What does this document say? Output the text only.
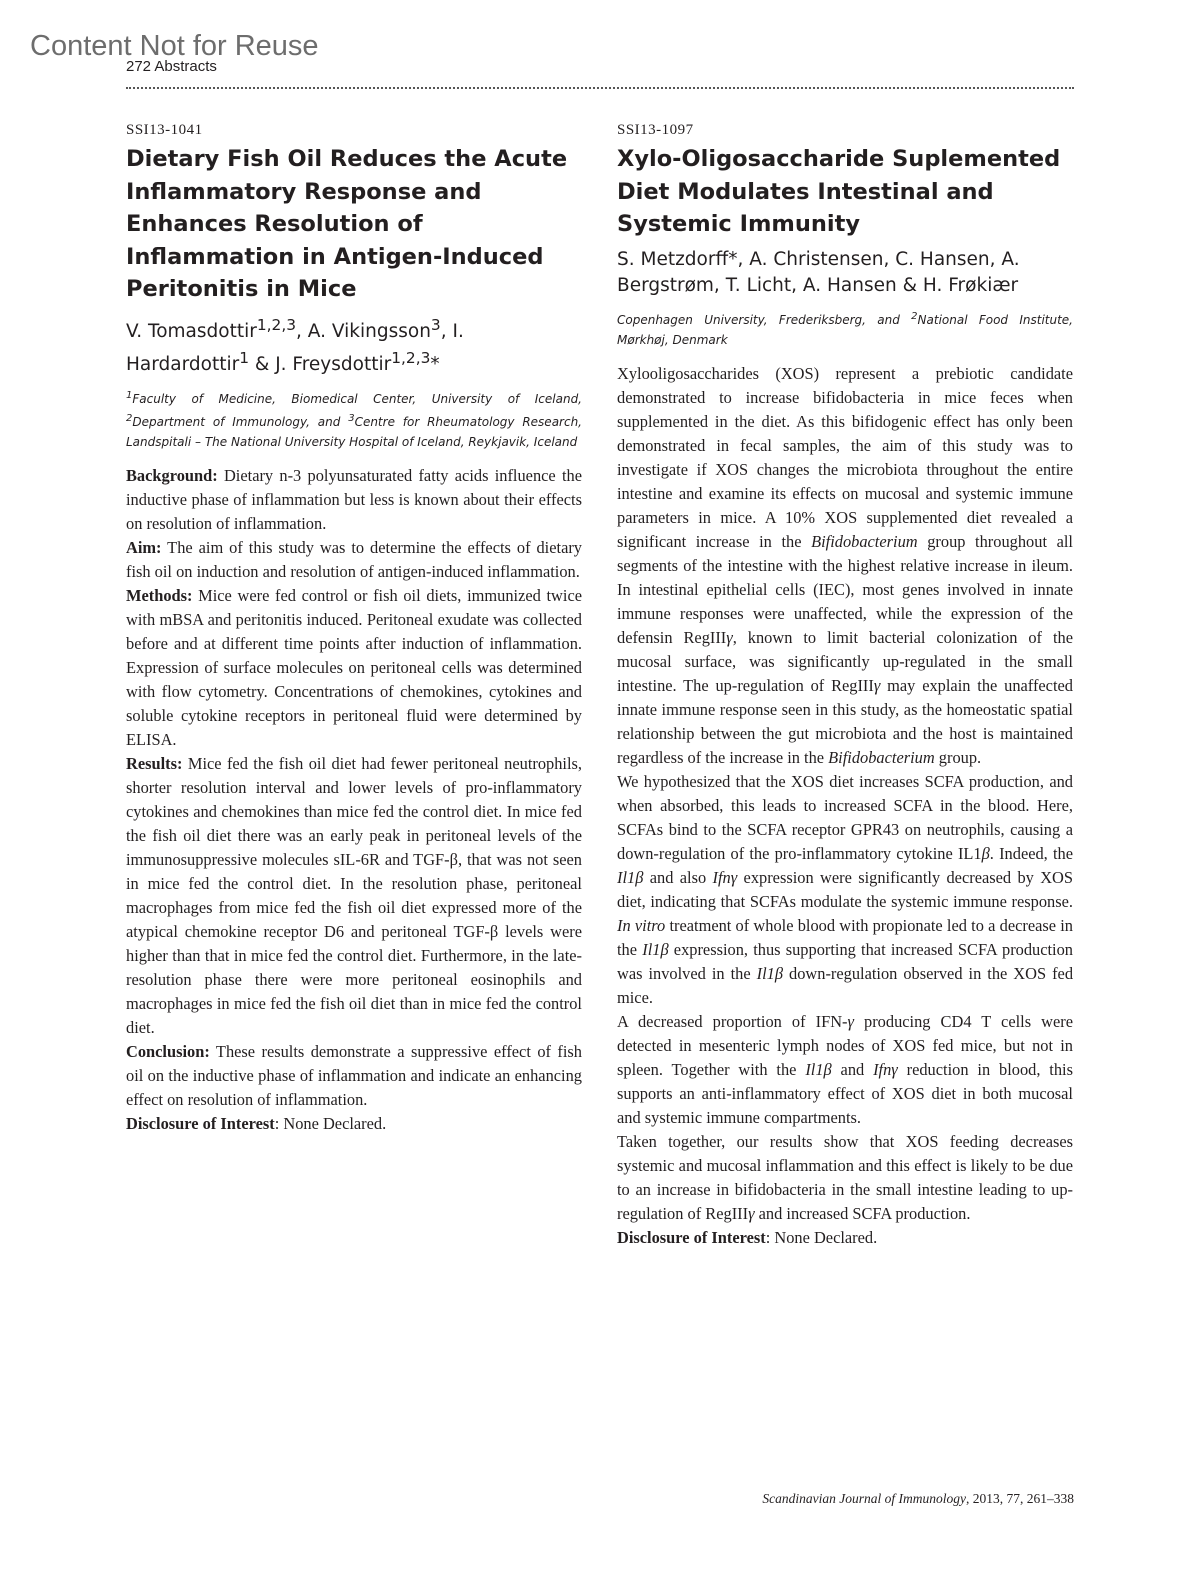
Content Not for Reuse
272 Abstracts
SSI13-1041
Dietary Fish Oil Reduces the Acute Inflammatory Response and Enhances Resolution of Inflammation in Antigen-Induced Peritonitis in Mice
V. Tomasdottir$^{1,2,3}$, A. Vikingsson$^3$, I. Hardardottir$^1$ & J. Freysdottir$^{1,2,3}$*
$^1$Faculty of Medicine, Biomedical Center, University of Iceland, $^2$Department of Immunology, and $^3$Centre for Rheumatology Research, Landspitali – The National University Hospital of Iceland, Reykjavik, Iceland

Background: Dietary n-3 polyunsaturated fatty acids influence the inductive phase of inflammation but less is known about their effects on resolution of inflammation.

Aim: The aim of this study was to determine the effects of dietary fish oil on induction and resolution of antigen-induced inflammation.

Methods: Mice were fed control or fish oil diets, immunized twice with mBSA and peritonitis induced. Peritoneal exudate was collected before and at different time points after induction of inflammation. Expression of surface molecules on peritoneal cells was determined with flow cytometry. Concentrations of chemokines, cytokines and soluble cytokine receptors in peritoneal fluid were determined by ELISA.

Results: Mice fed the fish oil diet had fewer peritoneal neutrophils, shorter resolution interval and lower levels of pro-inflammatory cytokines and chemokines than mice fed the control diet. In mice fed the fish oil diet there was an early peak in peritoneal levels of the immunosuppressive molecules sIL-6R and TGF-β, that was not seen in mice fed the control diet. In the resolution phase, peritoneal macrophages from mice fed the fish oil diet expressed more of the atypical chemokine receptor D6 and peritoneal TGF-β levels were higher than that in mice fed the control diet. Furthermore, in the late-resolution phase there were more peritoneal eosinophils and macrophages in mice fed the fish oil diet than in mice fed the control diet.

Conclusion: These results demonstrate a suppressive effect of fish oil on the inductive phase of inflammation and indicate an enhancing effect on resolution of inflammation.

Disclosure of Interest: None Declared.

SSI13-1097
Xylo-Oligosaccharide Suplemented Diet Modulates Intestinal and Systemic Immunity
S. Metzdorff*, A. Christensen, C. Hansen, A. Bergstrøm, T. Licht, A. Hansen & H. Frøkiær
Copenhagen University, Frederiksberg, and $^2$National Food Institute, Mørkhøj, Denmark

Xylooligosaccharides (XOS) represent a prebiotic candidate demonstrated to increase bifidobacteria in mice feces when supplemented in the diet. As this bifidogenic effect has only been demonstrated in fecal samples, the aim of this study was to investigate if XOS changes the microbiota throughout the entire intestine and examine its effects on mucosal and systemic immune parameters in mice. A 10% XOS supplemented diet revealed a significant increase in the Bifidobacterium group throughout all segments of the intestine with the highest relative increase in ileum. In intestinal epithelial cells (IEC), most genes involved in innate immune responses were unaffected, while the expression of the defensin RegIIIγ, known to limit bacterial colonization of the mucosal surface, was significantly up-regulated in the small intestine. The up-regulation of RegIIIγ may explain the unaffected innate immune response seen in this study, as the homeostatic spatial relationship between the gut microbiota and the host is maintained regardless of the increase in the Bifidobacterium group.

We hypothesized that the XOS diet increases SCFA production, and when absorbed, this leads to increased SCFA in the blood. Here, SCFAs bind to the SCFA receptor GPR43 on neutrophils, causing a down-regulation of the pro-inflammatory cytokine IL1β. Indeed, the Il1β and also Ifnγ expression were significantly decreased by XOS diet, indicating that SCFAs modulate the systemic immune response. In vitro treatment of whole blood with propionate led to a decrease in the Il1β expression, thus supporting that increased SCFA production was involved in the Il1β down-regulation observed in the XOS fed mice.

A decreased proportion of IFN-γ producing CD4 T cells were detected in mesenteric lymph nodes of XOS fed mice, but not in spleen. Together with the Il1β and Ifnγ reduction in blood, this supports an anti-inflammatory effect of XOS diet in both mucosal and systemic immune compartments.

Taken together, our results show that XOS feeding decreases systemic and mucosal inflammation and this effect is likely to be due to an increase in bifidobacteria in the small intestine leading to up-regulation of RegIIIγ and increased SCFA production.

Disclosure of Interest: None Declared.

Scandinavian Journal of Immunology, 2013, 77, 261–338
